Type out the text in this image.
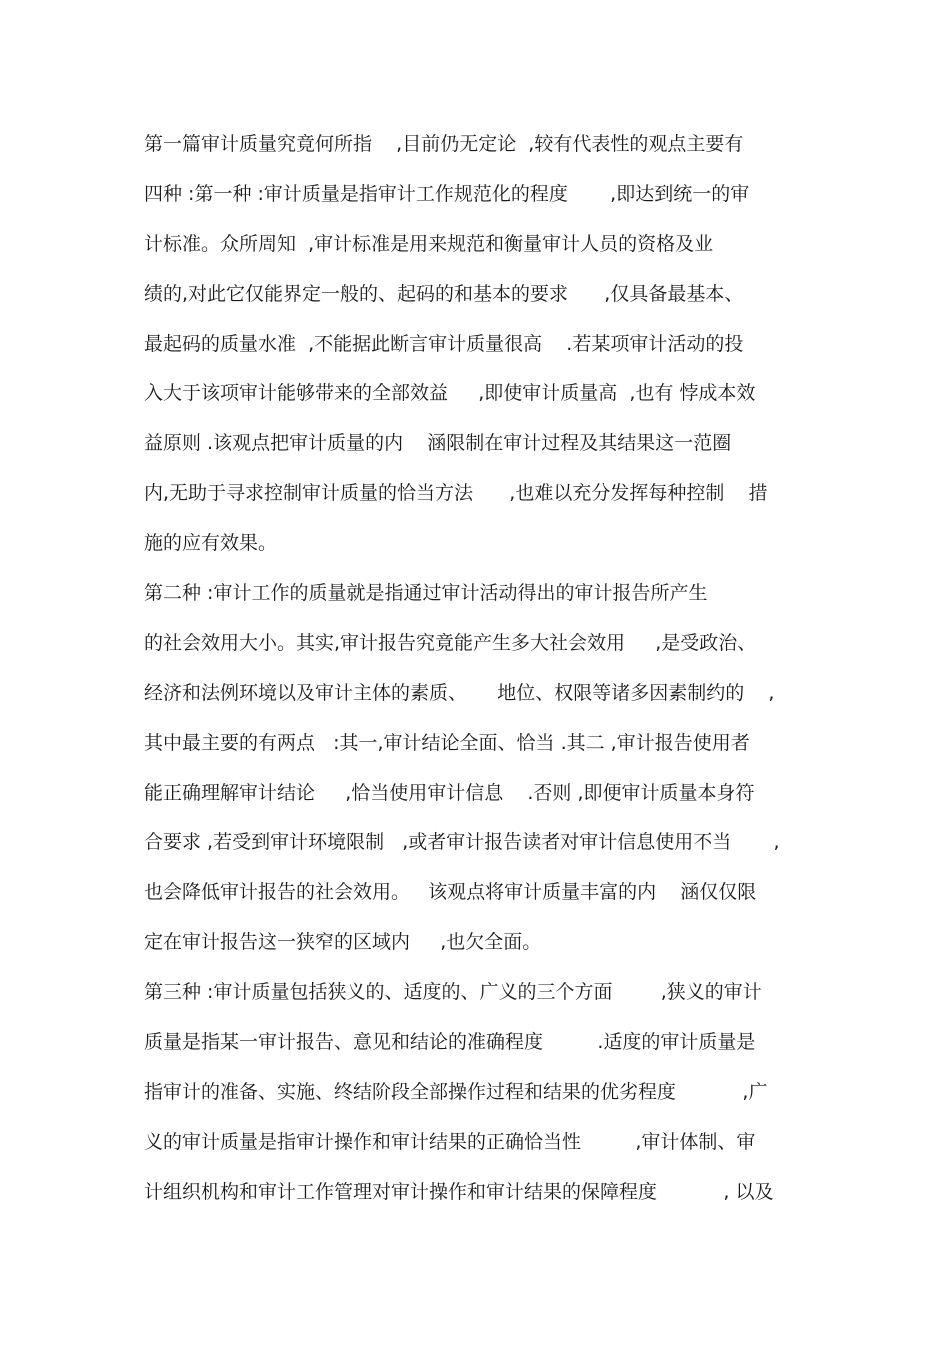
第一篇审计质量究竟何所指    ,目前仍无定论  ,较有代表性的观点主要有
四种 :第一种 :审计质量是指审计工作规范化的程度       ,即达到统一的审
计标准。众所周知  ,审计标准是用来规范和衡量审计人员的资格及业
绩的,对此它仅能界定一般的、起码的和基本的要求      ,仅具备最基本、
最起码的质量水准  ,不能据此断言审计质量很高    .若某项审计活动的投
入大于该项审计能够带来的全部效益     ,即使审计质量高  ,也有 悖成本效
益原则 .该观点把审计质量的内    涵限制在审计过程及其结果这一范圈
内,无助于寻求控制审计质量的恰当方法      ,也难以充分发挥每种控制    措
施的应有效果。
第二种 :审计工作的质量就是指通过审计活动得出的审计报告所产生
的社会效用大小。其实,审计报告究竟能产生多大社会效用     ,是受政治、
经济和法例环境以及审计主体的素质、     地位、权限等诸多因素制约的    ,
其中最主要的有两点   :其一,审计结论全面、恰当 .其二 ,审计报告使用者
能正确理解审计结论     ,恰当使用审计信息    .否则 ,即便审计质量本身符
合要求 ,若受到审计环境限制   ,或者审计报告读者对审计信息使用不当       ,
也会降低审计报告的社会效用。   该观点将审计质量丰富的内    涵仅仅限
定在审计报告这一狭窄的区域内     ,也欠全面。
第三种 :审计质量包括狭义的、适度的、广义的三个方面        ,狭义的审计
质量是指某一审计报告、意见和结论的准确程度         .适度的审计质量是
指审计的准备、实施、终结阶段全部操作过程和结果的优劣程度           ,广
义的审计质量是指审计操作和审计结果的正确恰当性         ,审计体制、审
计组织机构和审计工作管理对审计操作和审计结果的保障程度           , 以及
